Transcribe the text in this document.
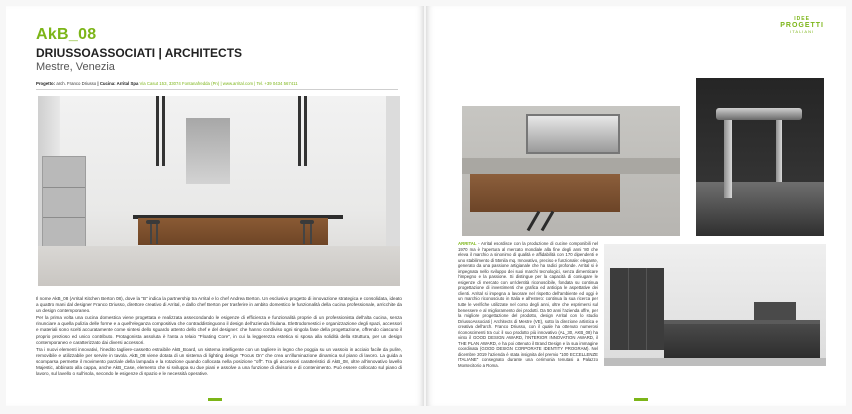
AkB_08
DRIUSSOASSOCIATI | ARCHITECTS
Mestre, Venezia
Progetto: arch. Franco Driusso | Cucina: Arrital Spa Via Casut 153, 33074 Fontanafredda (Pn) | www.arrital.com | Tel. +39 0434 567411

Il nome AkB_08 (Arrital Kitchen Berton 08), dove la "B" indica la partnership tra Arrital e lo chef Andrea Berton. Un esclusivo progetto di innovazione strategica e consolidata, ideato a quattro mani dal designer Franco Driusso, direttore creativo di Arrital, e dallo chef Berton per trasferire in ambito domestico le funzionalità della cucina professionale, arricchite da un design contemporaneo.

Per la prima volta una cucina domestica viene progettata e realizzata assecondando le esigenze di efficienza e funzionalità proprie di un professionista dell'alta cucina, senza rinunciare a quella pulizia delle forme e a quell'eleganza compositiva che contraddistinguono il design dell'azienda friulana. Elettrodomestici e organizzazione degli spazi, accessori e materiali sono scelti accuratamente come sintesi dello sguardo attento dello chef e del designer: che hanno condiviso ogni singola fase della progettazione, offrendo ciascuno il proprio prezioso ed unico contributo. Protagonista assoluta è l'anta a telaio "Floating Core", in cui la leggerezza estetica si sposa alla solidità della struttura, per un design contemporaneo e caratterizzato dai diversi accessori.

Tra i nuovi elementi innovativi, l'inedito tagliere-cassetto estraibile AkB_Board, un sistema intelligente con un tagliere in legno che poggia su un vassoio in acciaio facile da pulire, removibile e utilizzabile per servire in tavola. AkB_08 viene dotata di un sistema di lighting design "Focus On" che crea un'illuminazione dinamica sul piano di lavoro. La guida a scomparsa permette il movimento parziale della lampada e la rotazione quando collocata nella posizione "off". Tra gli accessori caratteristici di AkB_08, oltre all'innovativo lavello Majestic, abbinato alla cappa, anche AkB_Case, elemento che si sviluppa su due piani e assolve a una funzione di divisorio e di contenimento. Può essere collocato sul piano di lavoro, sul lavello o sull'isola, secondo le esigenze di spazio e le necessità operative.

IDEE
PROGETTI
ITALIANI
ARRITAL - Arrital esordisce con la produzione di cucine componibili nel 1970 ma è l'apertura al mercato mondiale alla fine degli anni '80 che eleva il marchio a sinonimo di qualità e affidabilità con 170 dipendenti e uno stabilimento di 55mila mq. Innovativo, preciso e funzionale: elegante, generato da una passione artigianale che ha radici profonde. Arrital si è impegnata nello sviluppo dei suoi marchi tecnologici, senza dimenticare l'impegno e la passione. Si distingue per la capacità di coniugare le esigenze di mercato con un'identità riconoscibile, fondata su continua progettazione di investimenti che grafica ed anticipa le aspettative dei clienti. Arrital si impegna a lavorare nel rispetto dell'ambiente ed oggi è un marchio riconosciuto in Italia e all'estero: continua la sua ricerca per tutte le verifiche utilizzate nel corso degli anni, oltre che esprimersi sul benessere e al miglioramento dei prodotti. Da 50 anni l'azienda offre, per la migliore progettazione del prodotto, design Arrital con lo studio DriussoAssociati | Architects di Mestre (VE), sotto la direzione artistica e creativa dell'arch. Franco Driusso, con il quale ha ottenuto numerosi riconoscimenti tra cui: il suo prodotto più innovativo (AL_30, AKB_08) ha vinto il GOOD DESIGN AWARD, l'INTERIOR INNOVATION AWARD, il THE PLAN AWARD, e ha poi ottenuto il Brand Design e la sua immagine coordinata (GOOD DESIGN CORPORATE IDENTITY PROGRAM). Nel dicembre 2019 l'azienda è stata insignita del premio "100 ECCELLENZE ITALIANE" consegnato durante una cerimonia tenutasi a Palazzo Montecitorio a Roma.
